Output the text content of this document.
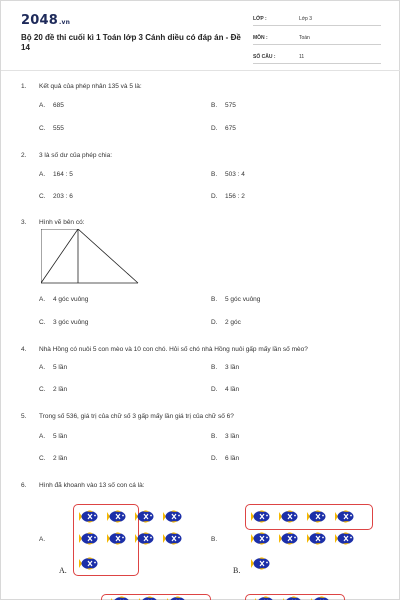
2048.vn
Bộ 20 đề thi cuối kì 1 Toán lớp 3 Cánh diều có đáp án - Đề 14
LỚP :	Lớp 3
MÔN :	Toán
SỐ CÂU :	11
1. Kết quả của phép nhân 135 và 5 là:
A. 685	B. 575
C. 555	D. 675
2. 3 là số dư của phép chia:
A. 164 : 5	B. 503 : 4
C. 203 : 6	D. 156 : 2
3. Hình vẽ bên có:
A. 4 góc vuông	B. 5 góc vuông
C. 3 góc vuông	D. 2 góc
4. Nhà Hồng có nuôi 5 con mèo và 10 con chó. Hỏi số chó nhà Hồng nuôi gấp mấy lần số mèo?
A. 5 lần	B. 3 lần
C. 2 lần	D. 4 lần
5. Trong số 536, giá trị của chữ số 3 gấp mấy lần giá trị của chữ số 6?
A. 5 lần	B. 3 lần
C. 2 lần	D. 6 lần
6. Hình đã khoanh vào 13 số con cá là:
A.	B.
A.	B.
